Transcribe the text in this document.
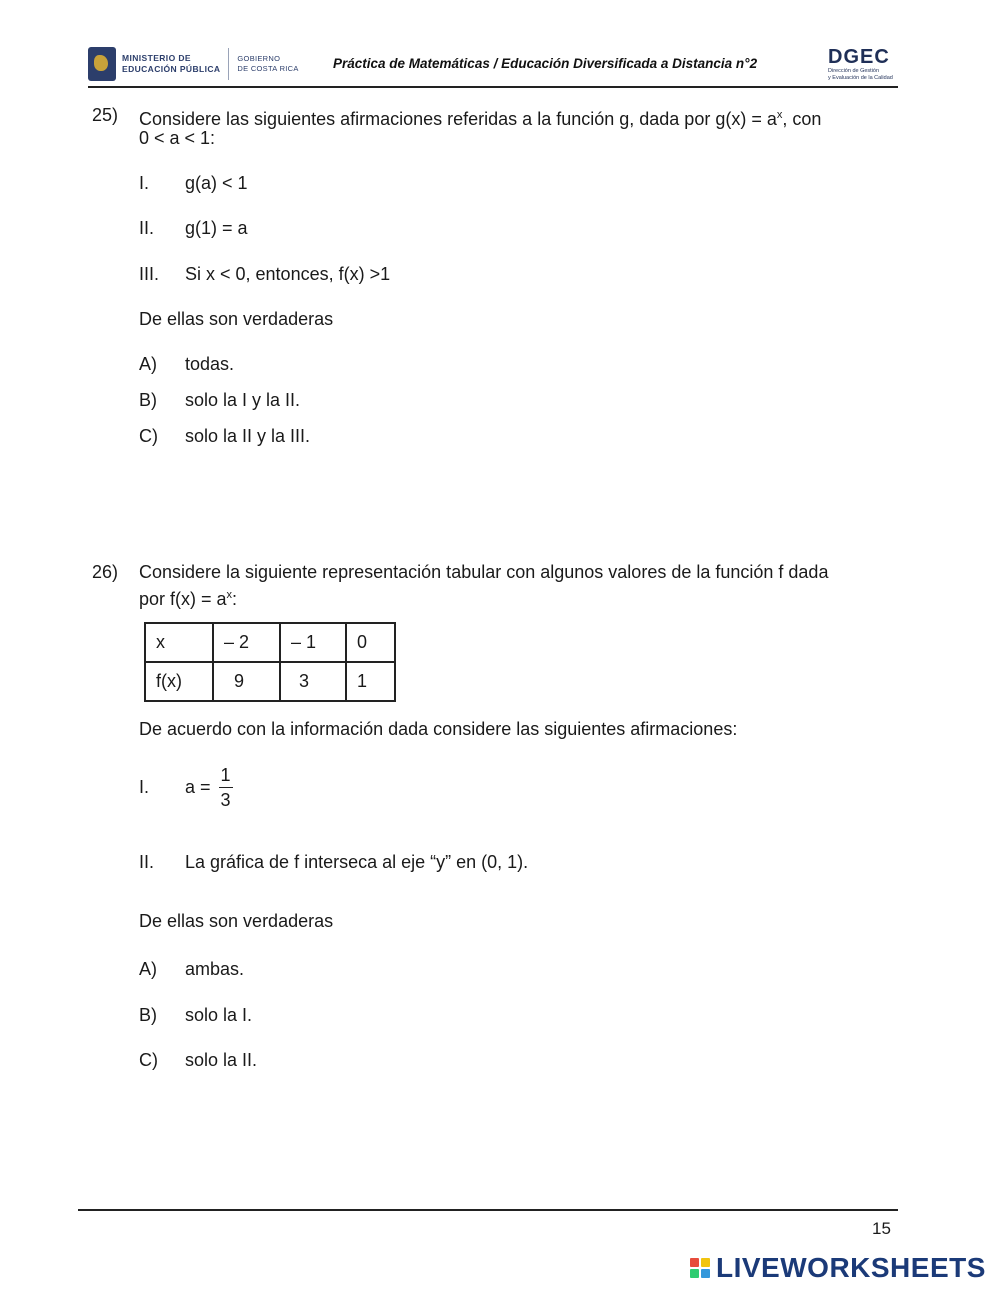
MINISTERIO DE
EDUCACIÓN PÚBLICA
GOBIERNO
DE COSTA RICA	Práctica de Matemáticas / Educación Diversificada a Distancia n°2	DGEC
Dirección de Gestión
y Evaluación de la Calidad
25) Considere las siguientes afirmaciones referidas a la función g, dada por $g(x) = a^x$, con
0 < a < 1:
I. g(a) < 1
II. g(1) = a
III. Si x < 0, entonces, f(x) >1
De ellas son verdaderas
A) todas.
B) solo la I y la II.
C) solo la II y la III.
26) Considere la siguiente representación tabular con algunos valores de la función f dada
por $f(x) = a^x$:
x	– 2	– 1	0
f(x)	9	3	1
De acuerdo con la información dada considere las siguientes afirmaciones:
I. $a = \frac{1}{3}$
II. La gráfica de f interseca al eje “y” en (0, 1).
De ellas son verdaderas
A) ambas.
B) solo la I.
C) solo la II.
15
LIVEWORKSHEETS
